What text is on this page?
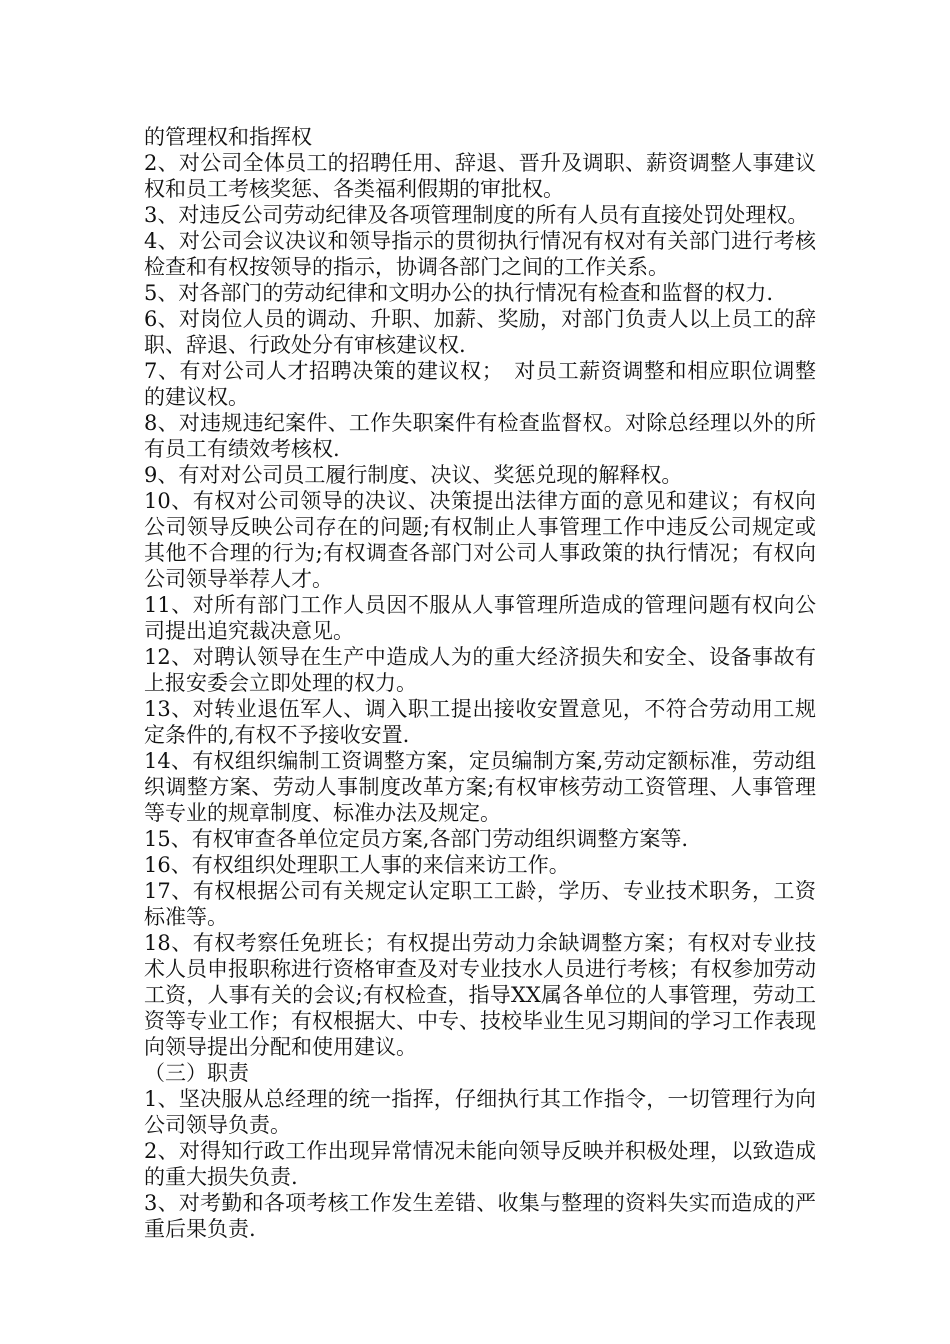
的管理权和指挥权

2、对公司全体员工的招聘任用、辞退、晋升及调职、薪资调整人事建议权和员工考核奖惩、各类福利假期的审批权。

3、对违反公司劳动纪律及各项管理制度的所有人员有直接处罚处理权。

4、对公司会议决议和领导指示的贯彻执行情况有权对有关部门进行考核检查和有权按领导的指示，协调各部门之间的工作关系。

5、对各部门的劳动纪律和文明办公的执行情况有检查和监督的权力.

6、对岗位人员的调动、升职、加薪、奖励，对部门负责人以上员工的辞职、辞退、行政处分有审核建议权.

7、有对公司人才招聘决策的建议权；　对员工薪资调整和相应职位调整的建议权。

8、对违规违纪案件、工作失职案件有检查监督权。对除总经理以外的所有员工有绩效考核权.

9、有对对公司员工履行制度、决议、奖惩兑现的解释权。

10、有权对公司领导的决议、决策提出法律方面的意见和建议；有权向公司领导反映公司存在的问题;有权制止人事管理工作中违反公司规定或其他不合理的行为;有权调查各部门对公司人事政策的执行情况；有权向公司领导举荐人才。

11、对所有部门工作人员因不服从人事管理所造成的管理问题有权向公司提出追究裁决意见。

12、对聘认领导在生产中造成人为的重大经济损失和安全、设备事故有上报安委会立即处理的权力。

13、对转业退伍军人、调入职工提出接收安置意见，不符合劳动用工规定条件的,有权不予接收安置.

14、有权组织编制工资调整方案，定员编制方案,劳动定额标准，劳动组织调整方案、劳动人事制度改革方案;有权审核劳动工资管理、人事管理等专业的规章制度、标准办法及规定。

15、有权审查各单位定员方案,各部门劳动组织调整方案等.

16、有权组织处理职工人事的来信来访工作。

17、有权根据公司有关规定认定职工工龄，学历、专业技术职务，工资标准等。

18、有权考察任免班长；有权提出劳动力余缺调整方案；有权对专业技术人员申报职称进行资格审查及对专业技水人员进行考核；有权参加劳动工资，人事有关的会议;有权检查，指导XX属各单位的人事管理，劳动工资等专业工作；有权根据大、中专、技校毕业生见习期间的学习工作表现向领导提出分配和使用建议。

（三）职责

1、坚决服从总经理的统一指挥，仔细执行其工作指令，一切管理行为向公司领导负责。

2、对得知行政工作出现异常情况未能向领导反映并积极处理，以致造成的重大损失负责.

3、对考勤和各项考核工作发生差错、收集与整理的资料失实而造成的严重后果负责.
